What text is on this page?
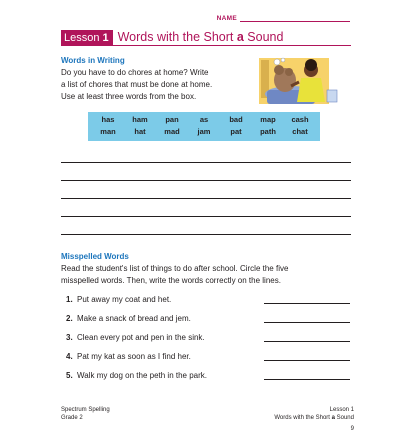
NAME
Lesson 1 Words with the Short a Sound
Words in Writing
Do you have to do chores at home? Write
a list of chores that must be done at home.
Use at least three words from the box.
has	ham	pan	as	bad	map	cash
man	hat	mad	jam	pat	path	chat
Misspelled Words
Read the student's list of things to do after school. Circle the five
misspelled words. Then, write the words correctly on the lines.
1. Put away my coat and het.
2. Make a snack of bread and jem.
3. Clean every pot and pen in the sink.
4. Pat my kat as soon as I find her.
5. Walk my dog on the peth in the park.
Spectrum Spelling
Grade 2
Lesson 1
Words with the Short a Sound
9
